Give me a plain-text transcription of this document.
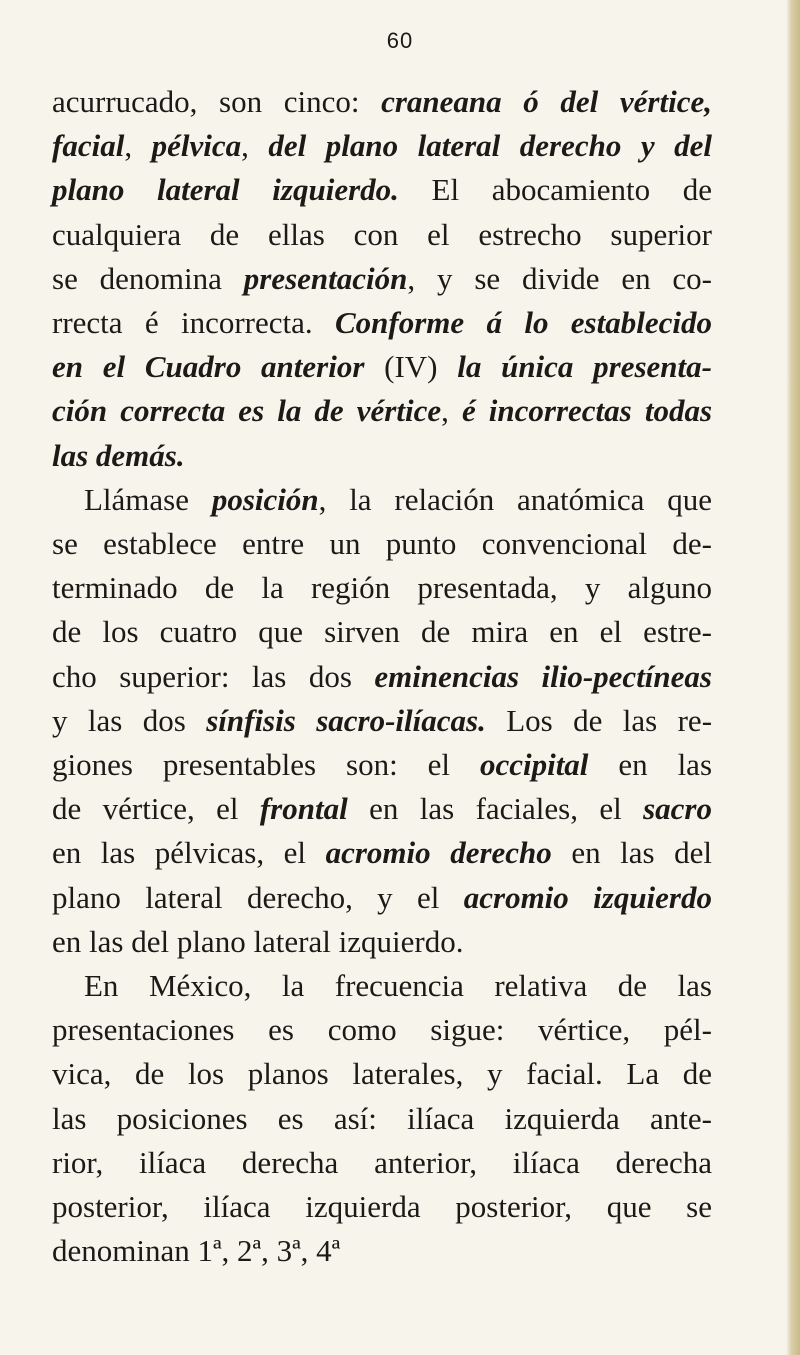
60
acurrucado, son cinco: craneana ó del vértice,
facial, pélvica, del plano lateral derecho y del
plano lateral izquierdo. El abocamiento de
cualquiera de ellas con el estrecho superior
se denomina presentación, y se divide en co-
rrecta é incorrecta. Conforme á lo establecido
en el Cuadro anterior (IV) la única presenta-
ción correcta es la de vértice, é incorrectas todas
las demás.
Llámase posición, la relación anatómica que
se establece entre un punto convencional de-
terminado de la región presentada, y alguno
de los cuatro que sirven de mira en el estre-
cho superior: las dos eminencias ilio-pectíneas
y las dos sínfisis sacro-ilíacas. Los de las re-
giones presentables son: el occipital en las
de vértice, el frontal en las faciales, el sacro
en las pélvicas, el acromio derecho en las del
plano lateral derecho, y el acromio izquierdo
en las del plano lateral izquierdo.
En México, la frecuencia relativa de las
presentaciones es como sigue: vértice, pél-
vica, de los planos laterales, y facial. La de
las posiciones es así: ilíaca izquierda ante-
rior, ilíaca derecha anterior, ilíaca derecha
posterior, ilíaca izquierda posterior, que se
denominan 1ª, 2ª, 3ª, 4ª
